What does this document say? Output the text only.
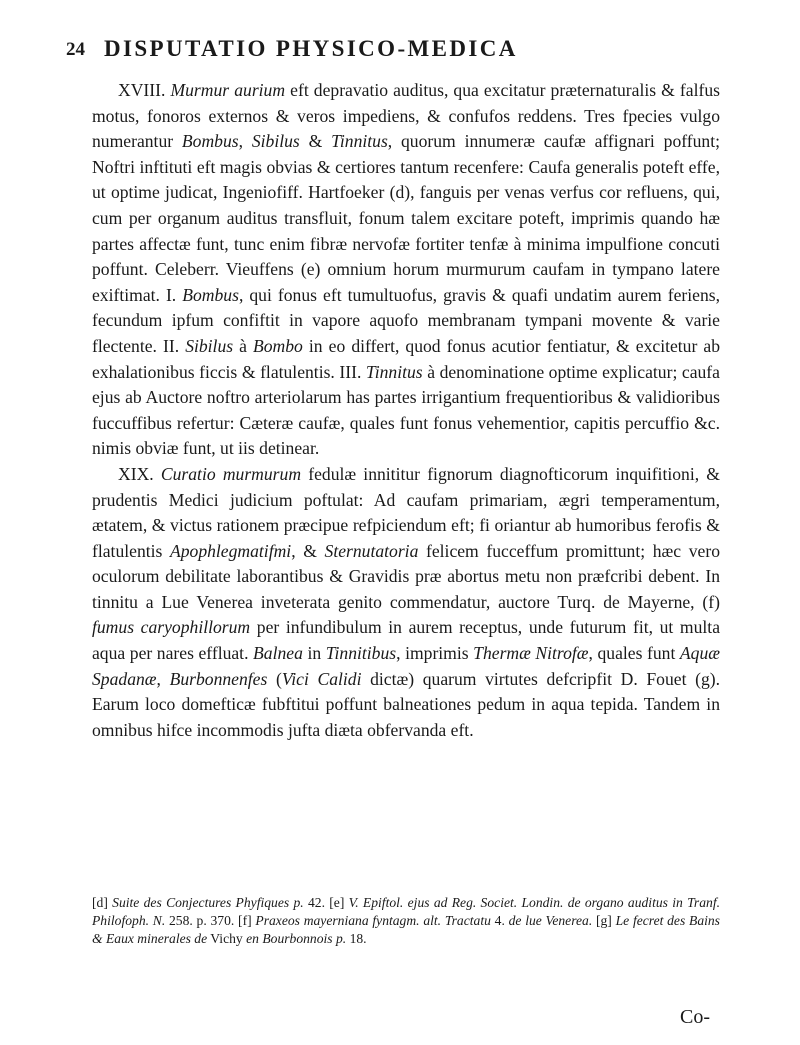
24 DISPUTATIO PHYSICO-MEDICA

XVIII. Murmur aurium eft depravatio auditus, qua excitatur præternaturalis & falfus motus, fonoros externos & veros impediens, & confufos reddens. Tres fpecies vulgo numerantur Bombus, Sibilus & Tinnitus, quorum innumeræ caufæ affignari poffunt; Noftri inftituti eft magis obvias & certiores tantum recenfere: Caufa generalis poteft effe, ut optime judicat, Ingeniofiff. Hartfoeker (d), fanguis per venas verfus cor refluens, qui, cum per organum auditus transfluit, fonum talem excitare poteft, imprimis quando hæ partes affectæ funt, tunc enim fibræ nervofæ fortiter tenfæ à minima impulfione concuti poffunt. Celeberr. Vieuffens (e) omnium horum murmurum caufam in tympano latere exiftimat. I. Bombus, qui fonus eft tumultuofus, gravis & quafi undatim aurem feriens, fecundum ipfum confiftit in vapore aquofo membranam tympani movente & varie flectente. II. Sibilus à Bombo in eo differt, quod fonus acutior fentiatur, & excitetur ab exhalationibus ficcis & flatulentis. III. Tinnitus à denominatione optime explicatur; caufa ejus ab Auctore noftro arteriolarum has partes irrigantium frequentioribus & validioribus fuccuffibus refertur: Cæteræ caufæ, quales funt fonus vehementior, capitis percuffio &c. nimis obviæ funt, ut iis detinear.

XIX. Curatio murmurum fedulæ innititur fignorum diagnofticorum inquifitioni, & prudentis Medici judicium poftulat: Ad caufam primariam, ægri temperamentum, ætatem, & victus rationem præcipue refpiciendum eft; fi oriantur ab humoribus ferofis & flatulentis Apophlegmatifmi, & Sternutatoria felicem fucceffum promittunt; hæc vero oculorum debilitate laborantibus & Gravidis præ abortus metu non præfcribi debent. In tinnitu a Lue Venerea inveterata genito commendatur, auctore Turq. de Mayerne, (f) fumus caryophillorum per infundibulum in aurem receptus, unde futurum fit, ut multa aqua per nares effluat. Balnea in Tinnitibus, imprimis Thermæ Nitrofæ, quales funt Aquæ Spadanæ, Burbonnenfes (Vici Calidi dictæ) quarum virtutes defcripfit D. Fouet (g). Earum loco domefticæ fubftitui poffunt balneationes pedum in aqua tepida. Tandem in omnibus hifce incommodis jufta diæta obfervanda eft.

[d] Suite des Conjectures Phyfiques p. 42. [e] V. Epiftol. ejus ad Reg. Societ. Londin. de organo auditus in Tranf. Philofoph. N. 258. p. 370. [f] Praxeos mayerniana fyntagm. alt. Tractatu 4. de lue Venerea. [g] Le fecret des Bains & Eaux minerales de Vichy en Bourbonnois p. 18.

Co-
